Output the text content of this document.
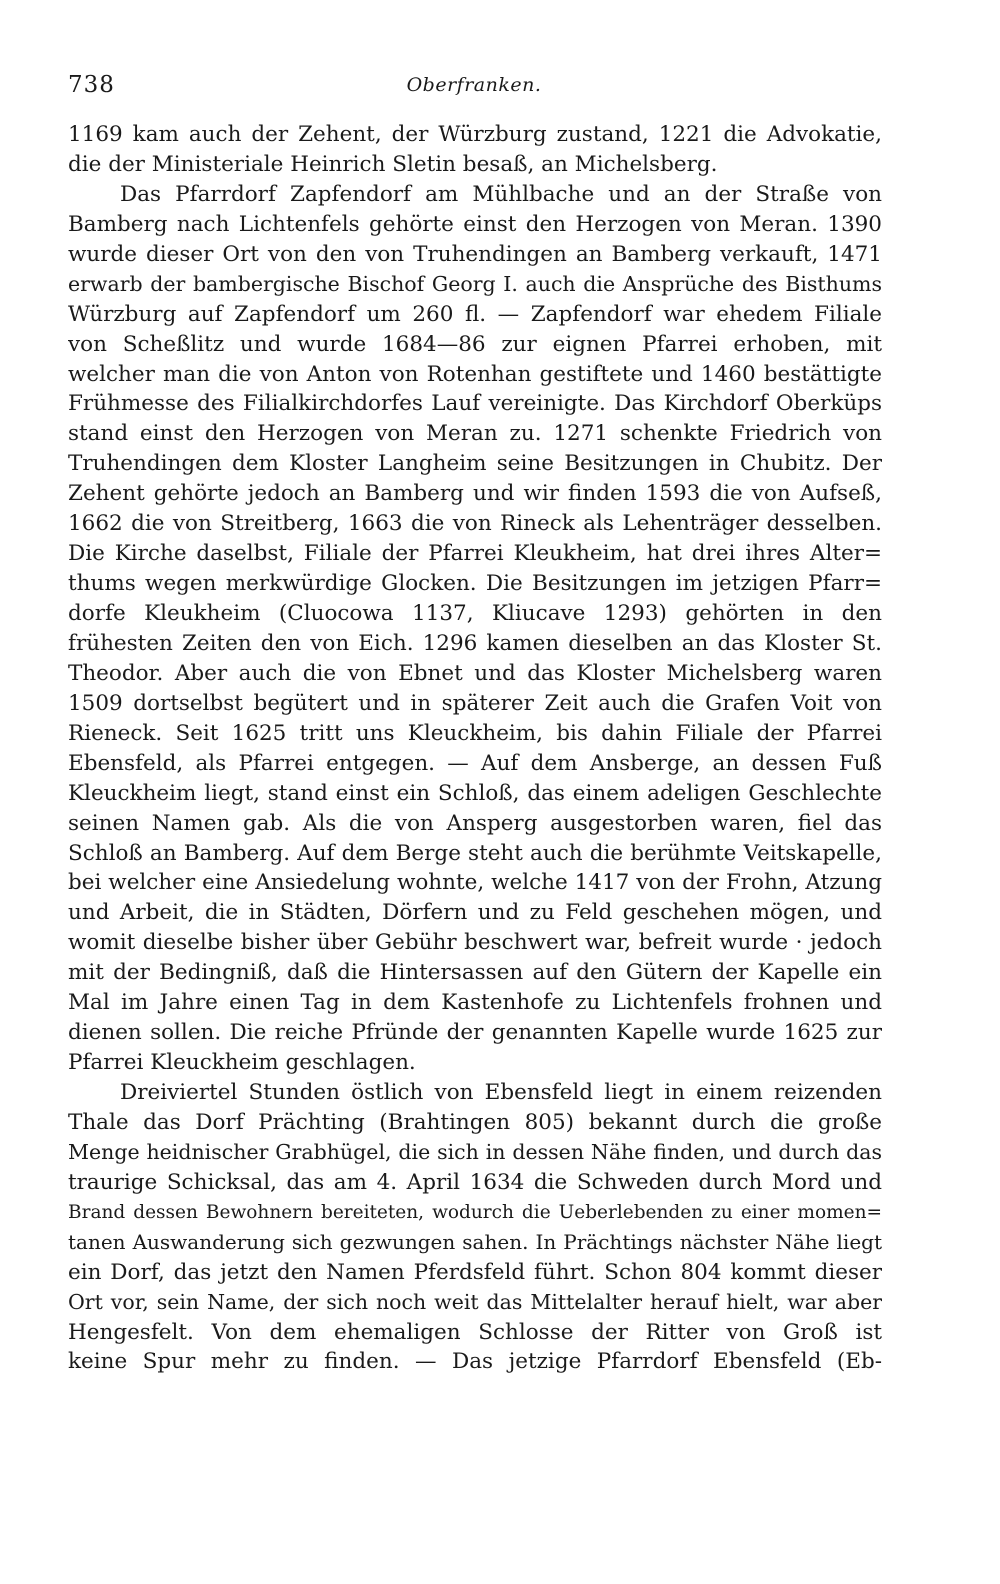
738	Oberfranken.
1169 kam auch der Zehent, der Würzburg zustand, 1221 die Advokatie,
die der Ministeriale Heinrich Sletin besaß, an Michelsberg.
Das Pfarrdorf Zapfendorf am Mühlbache und an der Straße von
Bamberg nach Lichtenfels gehörte einst den Herzogen von Meran. 1390
wurde dieser Ort von den von Truhendingen an Bamberg verkauft, 1471
erwarb der bambergische Bischof Georg I. auch die Ansprüche des Bisthums
Würzburg auf Zapfendorf um 260 fl. — Zapfendorf war ehedem Filiale
von Scheßlitz und wurde 1684—86 zur eignen Pfarrei erhoben, mit
welcher man die von Anton von Rotenhan gestiftete und 1460 bestättigte
Frühmesse des Filialkirchdorfes Lauf vereinigte. Das Kirchdorf Oberküps
stand einst den Herzogen von Meran zu. 1271 schenkte Friedrich von
Truhendingen dem Kloster Langheim seine Besitzungen in Chubitz. Der
Zehent gehörte jedoch an Bamberg und wir finden 1593 die von Aufseß,
1662 die von Streitberg, 1663 die von Rineck als Lehenträger desselben.
Die Kirche daselbst, Filiale der Pfarrei Kleukheim, hat drei ihres Alter=
thums wegen merkwürdige Glocken. Die Besitzungen im jetzigen Pfarr=
dorfe Kleukheim (Cluocowa 1137, Kliucave 1293) gehörten in den
frühesten Zeiten den von Eich. 1296 kamen dieselben an das Kloster St.
Theodor. Aber auch die von Ebnet und das Kloster Michelsberg waren
1509 dortselbst begütert und in späterer Zeit auch die Grafen Voit von
Rieneck. Seit 1625 tritt uns Kleuckheim, bis dahin Filiale der Pfarrei
Ebensfeld, als Pfarrei entgegen. — Auf dem Ansberge, an dessen Fuß
Kleuckheim liegt, stand einst ein Schloß, das einem adeligen Geschlechte
seinen Namen gab. Als die von Ansperg ausgestorben waren, fiel das
Schloß an Bamberg. Auf dem Berge steht auch die berühmte Veitskapelle,
bei welcher eine Ansiedelung wohnte, welche 1417 von der Frohn, Atzung
und Arbeit, die in Städten, Dörfern und zu Feld geschehen mögen, und
womit dieselbe bisher über Gebühr beschwert war, befreit wurde · jedoch
mit der Bedingniß, daß die Hintersassen auf den Gütern der Kapelle ein
Mal im Jahre einen Tag in dem Kastenhofe zu Lichtenfels frohnen und
dienen sollen. Die reiche Pfründe der genannten Kapelle wurde 1625 zur
Pfarrei Kleuckheim geschlagen.
Dreiviertel Stunden östlich von Ebensfeld liegt in einem reizenden
Thale das Dorf Prächting (Brahtingen 805) bekannt durch die große
Menge heidnischer Grabhügel, die sich in dessen Nähe finden, und durch das
traurige Schicksal, das am 4. April 1634 die Schweden durch Mord und
Brand dessen Bewohnern bereiteten, wodurch die Ueberlebenden zu einer momen=
tanen Auswanderung sich gezwungen sahen. In Prächtings nächster Nähe liegt
ein Dorf, das jetzt den Namen Pferdsfeld führt. Schon 804 kommt dieser
Ort vor, sein Name, der sich noch weit das Mittelalter herauf hielt, war aber
Hengesfelt. Von dem ehemaligen Schlosse der Ritter von Groß ist
keine Spur mehr zu finden. — Das jetzige Pfarrdorf Ebensfeld (Eb-
